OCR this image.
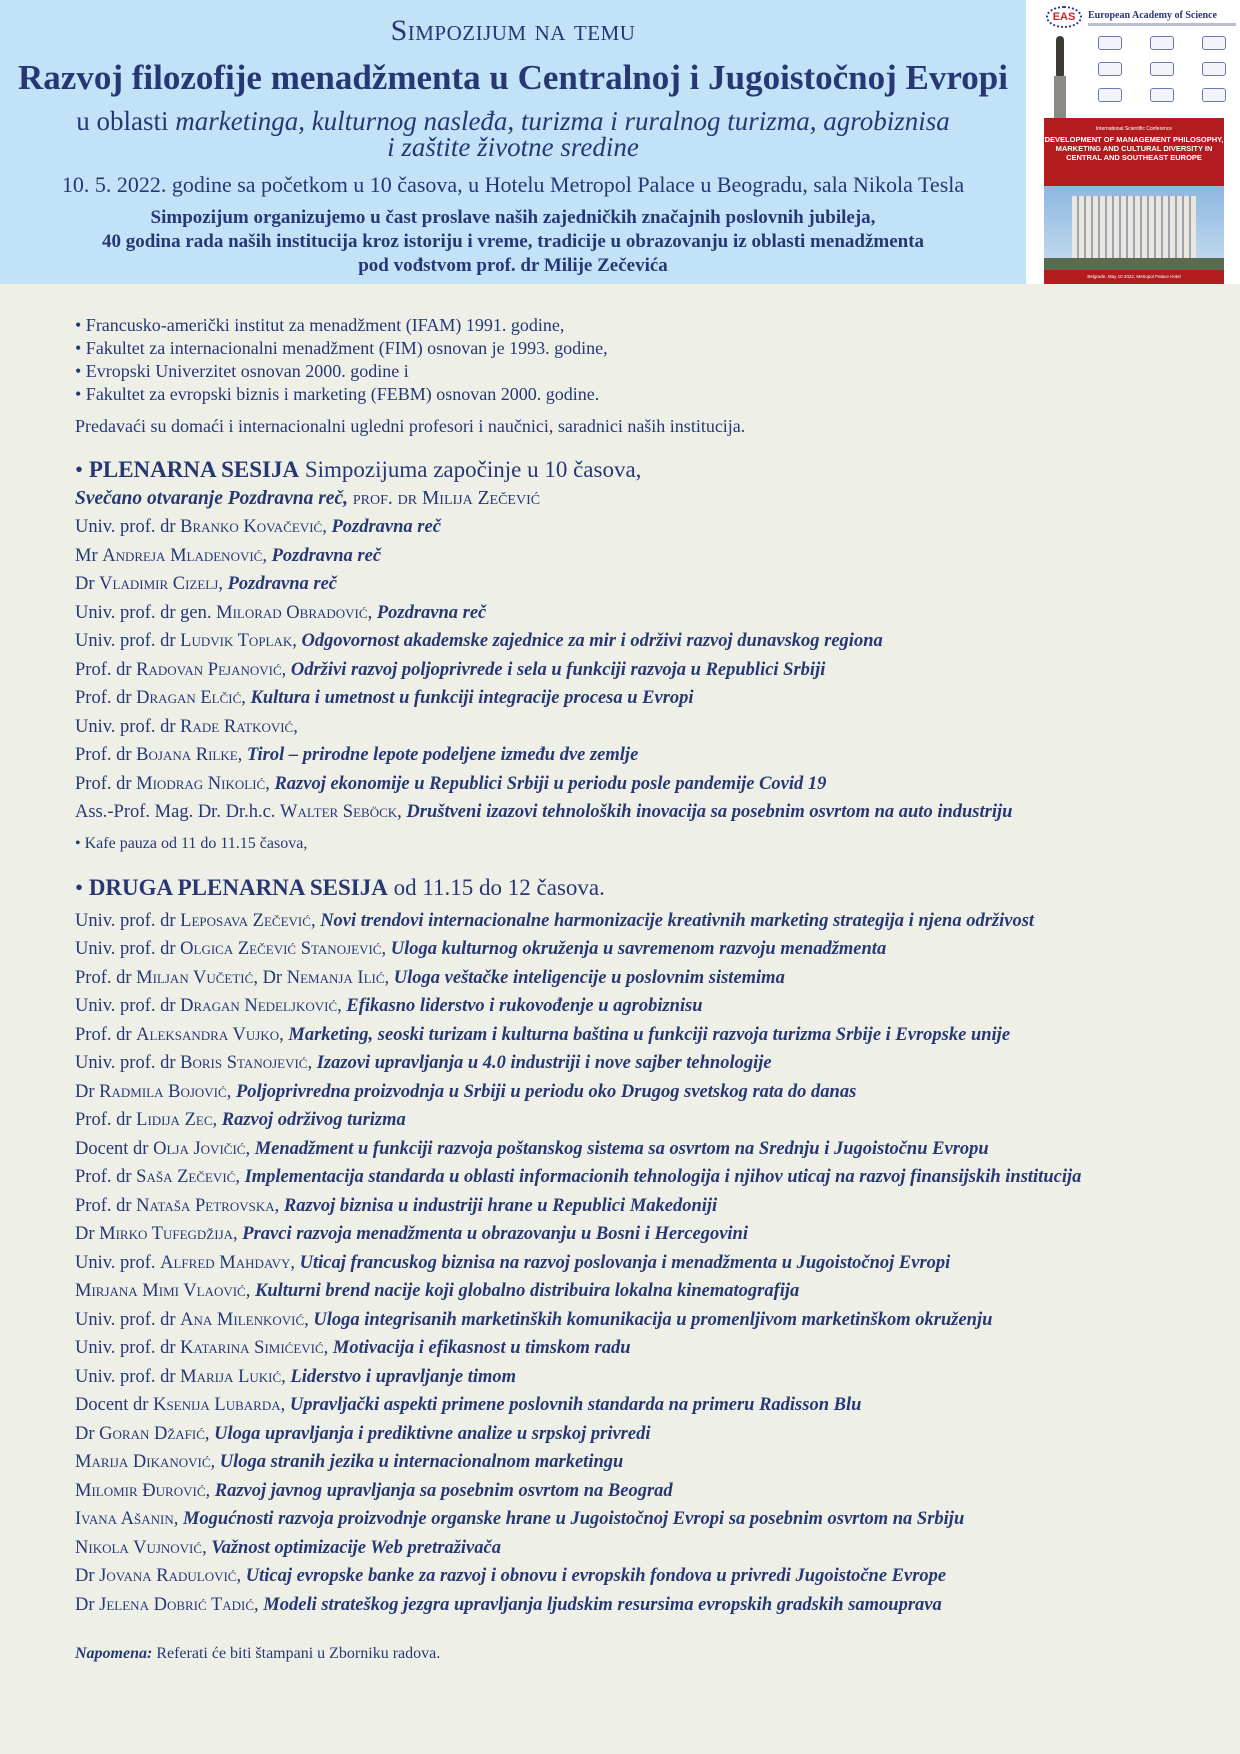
Simpozijum na temu
Razvoj filozofije menadžmenta u Centralnoj i Jugoistočnoj Evropi
u oblasti marketinga, kulturnog nasleđa, turizma i ruralnog turizma, agrobiznisa
i zaštite životne sredine
10. 5. 2022. godine sa početkom u 10 časova, u Hotelu Metropol Palace u Beogradu, sala Nikola Tesla
Simpozijum organizujemo u čast proslave naših zajedničkih značajnih poslovnih jubileja,
40 godina rada naših institucija kroz istoriju i vreme, tradicije u obrazovanju iz oblasti menadžmenta
pod vođstvom prof. dr Milije Zečevića
EAS	European Academy of Science
International Scientific Conference
DEVELOPMENT OF MANAGEMENT PHILOSOPHY, MARKETING AND CULTURAL DIVERSITY IN CENTRAL AND SOUTHEAST EUROPE
Belgrade, May 10 2022, Metropol Palace Hotel
• Francusko-američki institut za menadžment (IFAM) 1991. godine,
• Fakultet za internacionalni menadžment (FIM) osnovan je 1993. godine,
• Evropski Univerzitet osnovan 2000. godine i
• Fakultet za evropski biznis i marketing (FEBM) osnovan 2000. godine.
Predavaći su domaći i internacionalni ugledni profesori i naučnici, saradnici naših institucija.
• PLENARNA SESIJA Simpozijuma započinje u 10 časova,
Svečano otvaranje Pozdravna reč, prof. dr Milija Zečević
Univ. prof. dr Branko Kovačević, Pozdravna reč
Mr Andreja Mladenović, Pozdravna reč
Dr Vladimir Cizelj, Pozdravna reč
Univ. prof. dr gen. Milorad Obradović, Pozdravna reč
Univ. prof. dr Ludvik Toplak, Odgovornost akademske zajednice za mir i održivi razvoj dunavskog regiona
Prof. dr Radovan Pejanović, Održivi razvoj poljoprivrede i sela u funkciji razvoja u Republici Srbiji
Prof. dr Dragan Elčić, Kultura i umetnost u funkciji integracije procesa u Evropi
Univ. prof. dr Rade Ratković,
Prof. dr Bojana Rilke, Tirol – prirodne lepote podeljene između dve zemlje
Prof. dr Miodrag Nikolić, Razvoj ekonomije u Republici Srbiji u periodu posle pandemije Covid 19
Ass.-Prof. Mag. Dr. Dr.h.c. Walter Seböck, Društveni izazovi tehnoloških inovacija sa posebnim osvrtom na auto industriju
• Kafe pauza od 11 do 11.15 časova,
• DRUGA PLENARNA SESIJA od 11.15 do 12 časova.
Univ. prof. dr Leposava Zečević, Novi trendovi internacionalne harmonizacije kreativnih marketing strategija i njena održivost
Univ. prof. dr Olgica Zečević Stanojević, Uloga kulturnog okruženja u savremenom razvoju menadžmenta
Prof. dr Miljan Vučetić, Dr Nemanja Ilić, Uloga veštačke inteligencije u poslovnim sistemima
Univ. prof. dr Dragan Nedeljković, Efikasno liderstvo i rukovođenje u agrobiznisu
Prof. dr Aleksandra Vujko, Marketing, seoski turizam i kulturna baština u funkciji razvoja turizma Srbije i Evropske unije
Univ. prof. dr Boris Stanojević, Izazovi upravljanja u 4.0 industriji i nove sajber tehnologije
Dr Radmila Bojović, Poljoprivredna proizvodnja u Srbiji u periodu oko Drugog svetskog rata do danas
Prof. dr Lidija Zec, Razvoj održivog turizma
Docent dr Olja Jovičić, Menadžment u funkciji razvoja poštanskog sistema sa osvrtom na Srednju i Jugoistočnu Evropu
Prof. dr Saša Zečević, Implementacija standarda u oblasti informacionih tehnologija i njihov uticaj na razvoj finansijskih institucija
Prof. dr Nataša Petrovska, Razvoj biznisa u industriji hrane u Republici Makedoniji
Dr Mirko Tufegdžija, Pravci razvoja menadžmenta u obrazovanju u Bosni i Hercegovini
Univ. prof. Alfred Mahdavy, Uticaj francuskog biznisa na razvoj poslovanja i menadžmenta u Jugoistočnoj Evropi
Mirjana Mimi Vlaović, Kulturni brend nacije koji globalno distribuira lokalna kinematografija
Univ. prof. dr Ana Milenković, Uloga integrisanih marketinških komunikacija u promenljivom marketinškom okruženju
Univ. prof. dr Katarina Simićević, Motivacija i efikasnost u timskom radu
Univ. prof. dr Marija Lukić, Liderstvo i upravljanje timom
Docent dr Ksenija Lubarda, Upravljački aspekti primene poslovnih standarda na primeru Radisson Blu
Dr Goran Džafić, Uloga upravljanja i prediktivne analize u srpskoj privredi
Marija Dikanović, Uloga stranih jezika u internacionalnom marketingu
Milomir Đurović, Razvoj javnog upravljanja sa posebnim osvrtom na Beograd
Ivana Ašanin, Mogućnosti razvoja proizvodnje organske hrane u Jugoistočnoj Evropi sa posebnim osvrtom na Srbiju
Nikola Vujnović, Važnost optimizacije Web pretraživača
Dr Jovana Radulović, Uticaj evropske banke za razvoj i obnovu i evropskih fondova u privredi Jugoistočne Evrope
Dr Jelena Dobrić Tadić, Modeli strateškog jezgra upravljanja ljudskim resursima evropskih gradskih samouprava
Napomena: Referati će biti štampani u Zborniku radova.
